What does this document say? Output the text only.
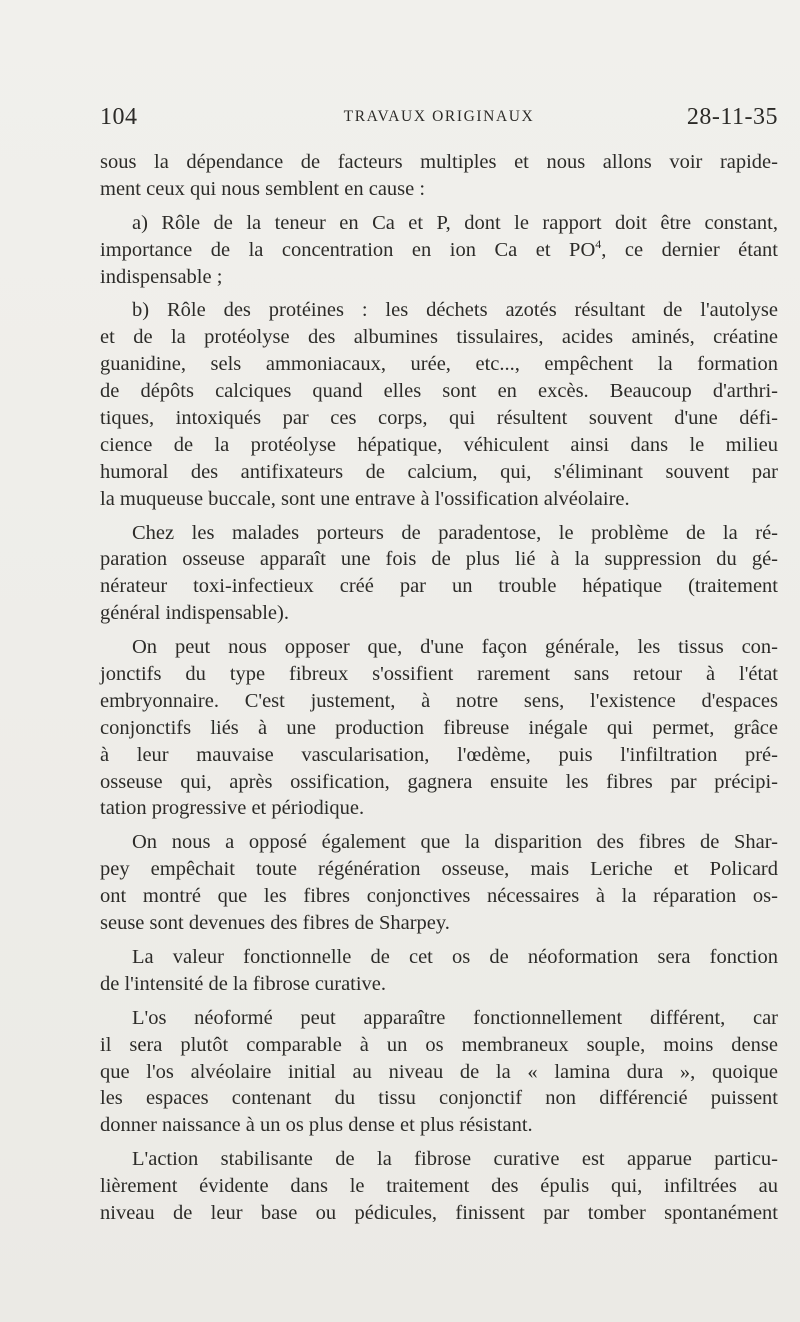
104	TRAVAUX ORIGINAUX	28-11-35
sous la dépendance de facteurs multiples et nous allons voir rapide-
ment ceux qui nous semblent en cause :
a) Rôle de la teneur en Ca et P, dont le rapport doit être constant,
importance de la concentration en ion Ca et $PO^4$, ce dernier étant
indispensable ;
b) Rôle des protéines : les déchets azotés résultant de l'autolyse
et de la protéolyse des albumines tissulaires, acides aminés, créatine
guanidine, sels ammoniacaux, urée, etc..., empêchent la formation
de dépôts calciques quand elles sont en excès. Beaucoup d'arthri-
tiques, intoxiqués par ces corps, qui résultent souvent d'une défi-
cience de la protéolyse hépatique, véhiculent ainsi dans le milieu
humoral des antifixateurs de calcium, qui, s'éliminant souvent par
la muqueuse buccale, sont une entrave à l'ossification alvéolaire.
Chez les malades porteurs de paradentose, le problème de la ré-
paration osseuse apparaît une fois de plus lié à la suppression du gé-
nérateur toxi-infectieux créé par un trouble hépatique (traitement
général indispensable).
On peut nous opposer que, d'une façon générale, les tissus con-
jonctifs du type fibreux s'ossifient rarement sans retour à l'état
embryonnaire. C'est justement, à notre sens, l'existence d'espaces
conjonctifs liés à une production fibreuse inégale qui permet, grâce
à leur mauvaise vascularisation, l'œdème, puis l'infiltration pré-
osseuse qui, après ossification, gagnera ensuite les fibres par précipi-
tation progressive et périodique.
On nous a opposé également que la disparition des fibres de Shar-
pey empêchait toute régénération osseuse, mais Leriche et Policard
ont montré que les fibres conjonctives nécessaires à la réparation os-
seuse sont devenues des fibres de Sharpey.
La valeur fonctionnelle de cet os de néoformation sera fonction
de l'intensité de la fibrose curative.
L'os néoformé peut apparaître fonctionnellement différent, car
il sera plutôt comparable à un os membraneux souple, moins dense
que l'os alvéolaire initial au niveau de la « lamina dura », quoique
les espaces contenant du tissu conjonctif non différencié puissent
donner naissance à un os plus dense et plus résistant.
L'action stabilisante de la fibrose curative est apparue particu-
lièrement évidente dans le traitement des épulis qui, infiltrées au
niveau de leur base ou pédicules, finissent par tomber spontanément
